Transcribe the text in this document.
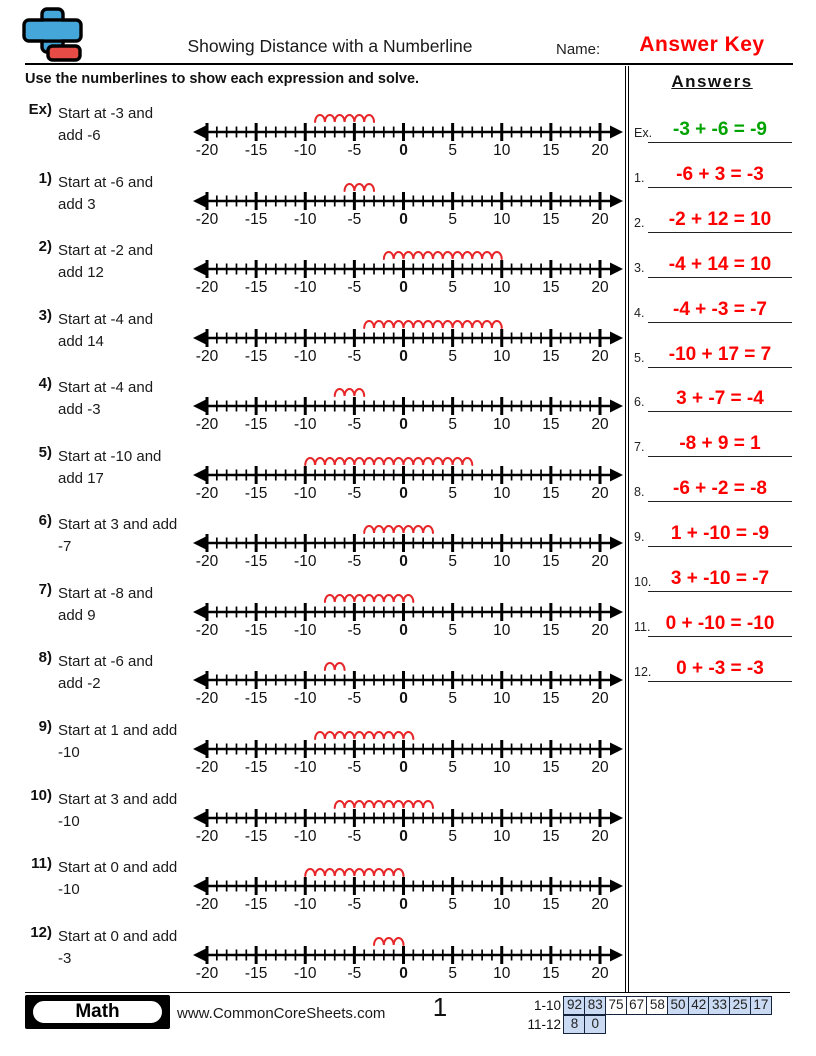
Showing Distance with a Numberline	Name:	Answer Key
Use the numberlines to show each expression and solve.
Ex) Start at -3 and
add -6
-20 -15 -10 -5 0	5 10 15 20
1) Start at -6 and
add 3
-20 -15 -10 -5 0	5 10 15 20
2) Start at -2 and
add 12
-20 -15 -10 -5 0	5 10 15 20
3) Start at -4 and
add 14
-20 -15 -10 -5 0	5 10 15 20
4) Start at -4 and
add -3
-20 -15 -10 -5 0	5 10 15 20
5) Start at -10 and
add 17
-20 -15 -10 -5 0	5 10 15 20
6) Start at 3 and add
-7
-20 -15 -10 -5 0	5 10 15 20
7) Start at -8 and
add 9
-20 -15 -10 -5 0	5 10 15 20
8) Start at -6 and
add -2
-20 -15 -10 -5 0	5 10 15 20
9) Start at 1 and add
-10
-20 -15 -10 -5 0	5 10 15 20
10) Start at 3 and add
-10
-20 -15 -10 -5 0	5 10 15 20
11) Start at 0 and add
-10
-20 -15 -10 -5 0	5 10 15 20
12) Start at 0 and add
-3
-20 -15 -10 -5 0	5 10 15 20
Answers
Ex.	-3 + -6 = -9
1.	-6 + 3 = -3
2.	-2 + 12 = 10
3.	-4 + 14 = 10
4.	-4 + -3 = -7
5.	-10 + 17 = 7
6.	3 + -7 = -4
7.	-8 + 9 = 1
8.	-6 + -2 = -8
9.	1 + -10 = -9
10.	3 + -10 = -7
11. 0 + -10 = -10
12.	0 + -3 = -3
Math	www.CommonCoreSheets.com	1	1-10 92 83 75 67 58 50 42 33 25 17
11-12 8 0
